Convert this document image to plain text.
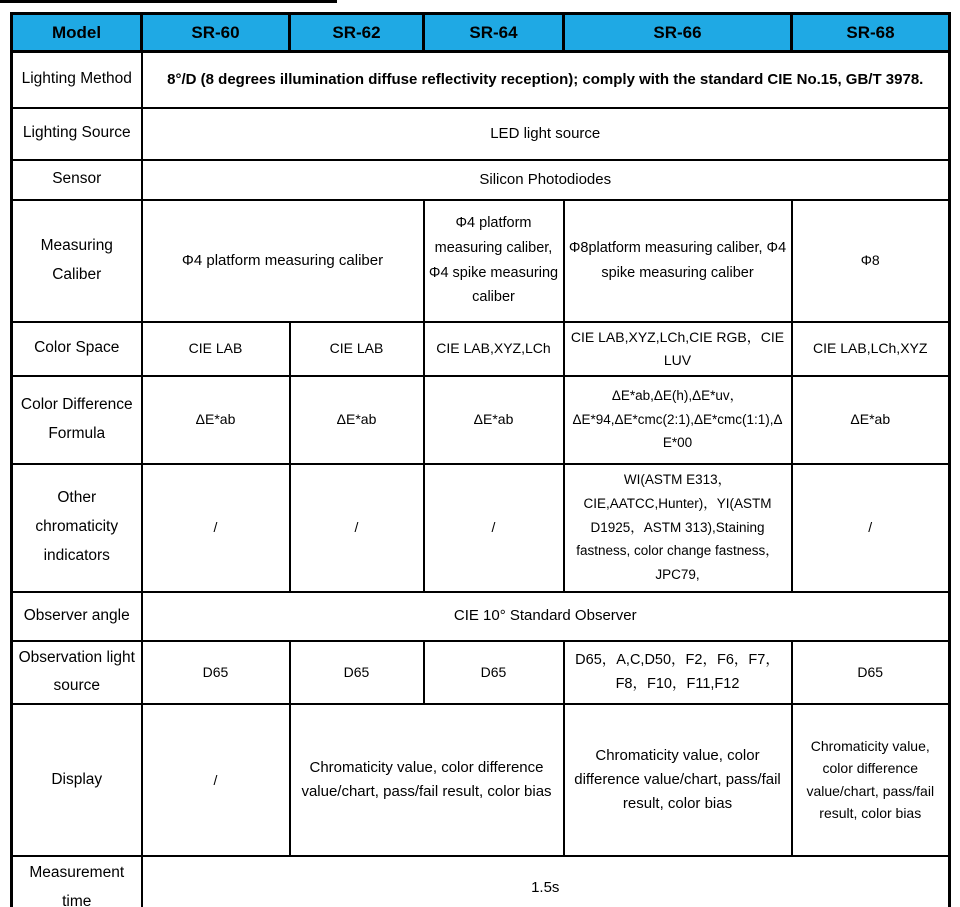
Model	SR-60	SR-62	SR-64	SR-66	SR-68
Lighting Method	8°/D (8 degrees illumination diffuse reflectivity reception); comply with the standard CIE No.15, GB/T 3978.				
Lighting Source	LED light source				
Sensor	Silicon Photodiodes				
Measuring Caliber	Φ4 platform measuring caliber		Φ4 platform measuring caliber, Φ4 spike measuring caliber	Φ8platform measuring caliber, Φ4 spike measuring caliber	Φ8
Color Space	CIE LAB	CIE LAB	CIE LAB,XYZ,LCh	CIE LAB,XYZ,LCh,CIE RGB，CIE LUV	CIE LAB,LCh,XYZ
Color Difference Formula	ΔE*ab	ΔE*ab	ΔE*ab	ΔE*ab,ΔE(h),ΔE*uv，ΔE*94,ΔE*cmc(2:1),ΔE*cmc(1:1),ΔE*00	ΔE*ab
Other chromaticity indicators	/	/	/	WI(ASTM E313，CIE,AATCC,Hunter)，YI(ASTM D1925，ASTM 313),Staining fastness, color change fastness，JPC79,	/
Observer angle	CIE 10° Standard Observer				
Observation light source	D65	D65	D65	D65，A,C,D50，F2，F6，F7，F8，F10，F11,F12	D65
Display	/	Chromaticity value, color difference value/chart, pass/fail result, color bias		Chromaticity value, color difference value/chart, pass/fail result, color bias	Chromaticity value, color difference value/chart, pass/fail result, color bias
Measurement time	1.5s				
